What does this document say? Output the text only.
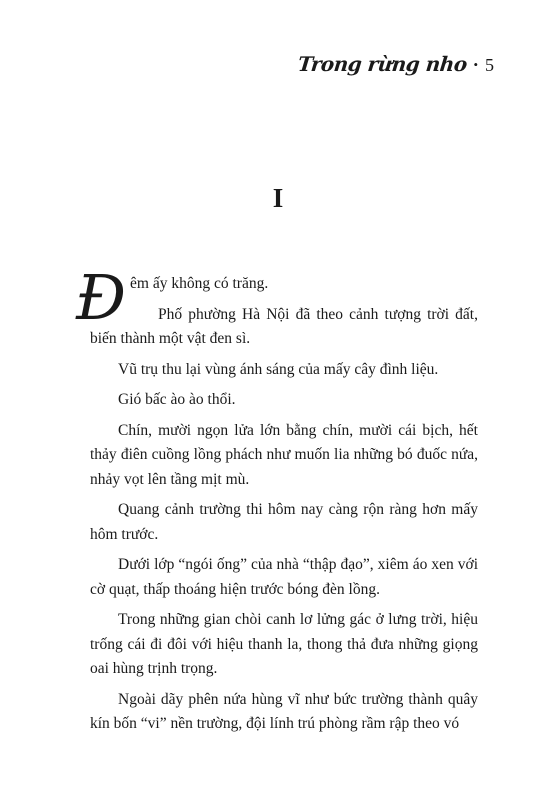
Trong rừng nho • 5
I

Đêm ấy không có trăng.

Phố phường Hà Nội đã theo cảnh tượng trời đất, biến thành một vật đen sì.

Vũ trụ thu lại vùng ánh sáng của mấy cây đình liệu.

Gió bấc ào ào thổi.

Chín, mười ngọn lửa lớn bằng chín, mười cái bịch, hết thảy điên cuồng lồng phách như muốn lia những bó đuốc nứa, nhảy vọt lên tầng mịt mù.

Quang cảnh trường thi hôm nay càng rộn ràng hơn mấy hôm trước.

Dưới lớp “ngói ống” của nhà “thập đạo”, xiêm áo xen với cờ quạt, thấp thoáng hiện trước bóng đèn lồng.

Trong những gian chòi canh lơ lửng gác ở lưng trời, hiệu trống cái đi đôi với hiệu thanh la, thong thả đưa những giọng oai hùng trịnh trọng.

Ngoài dãy phên nứa hùng vĩ như bức trường thành quây kín bốn “vi” nền trường, đội lính trú phòng rầm rập theo vó
